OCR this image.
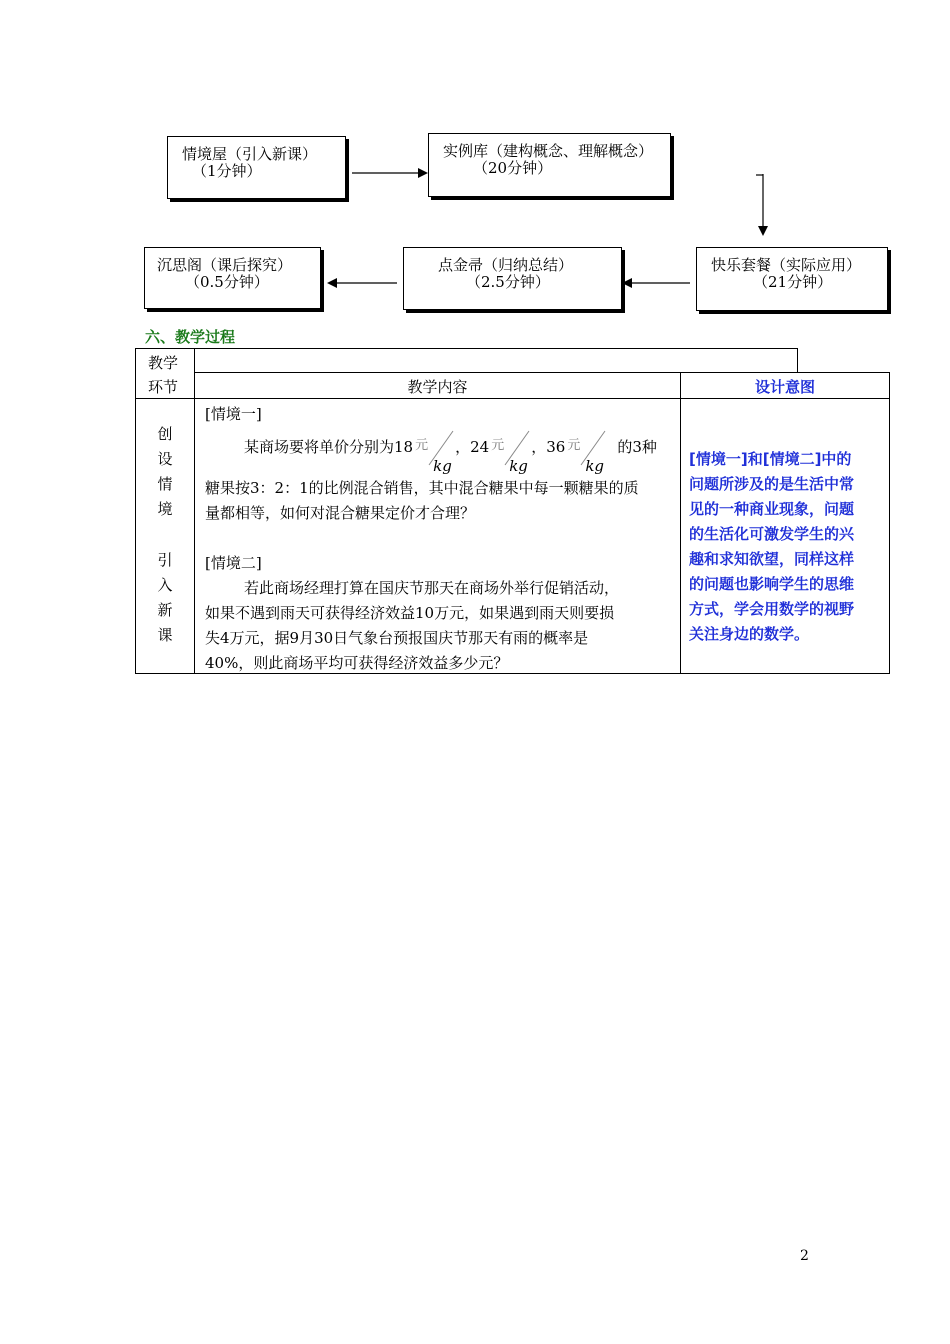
情境屋（引入新课）
（1分钟）
实例库（建构概念、理解概念）
（20分钟）
快乐套餐（实际应用）
（21分钟）
点金帚（归纳总结）
（2.5分钟）
沉思阁（课后探究）
（0.5分钟）
六、教学过程
教学
环节	教学内容	设计意图
创
设
情
境
引
入
新
课
[情境一]
某商场要将单价分别为18 元
kg
，24 元
kg
，36 元
kg
的3种
糖果按3：2：1的比例混合销售，其中混合糖果中每一颗糖果的质
量都相等，如何对混合糖果定价才合理？
[情境二]
若此商场经理打算在国庆节那天在商场外举行促销活动，
如果不遇到雨天可获得经济效益10万元，如果遇到雨天则要损
失4万元，据9月30日气象台预报国庆节那天有雨的概率是
40%，则此商场平均可获得经济效益多少元？
[情境一]和[情境二]中的
问题所涉及的是生活中常
见的一种商业现象，问题
的生活化可激发学生的兴
趣和求知欲望，同样这样
的问题也影响学生的思维
方式，学会用数学的视野
关注身边的数学。
2
